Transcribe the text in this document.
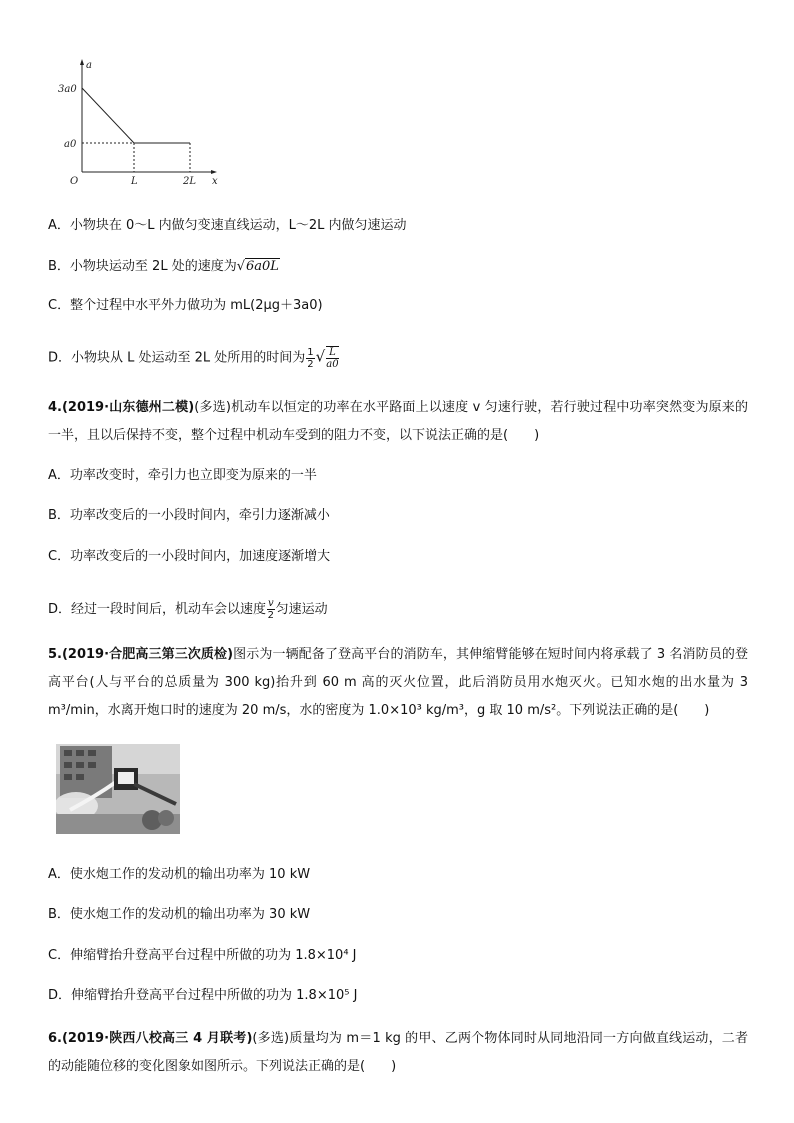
a
x
O
3a0
a0
L	2L
A．小物块在 0～L 内做匀变速直线运动，L～2L 内做匀速运动
B．小物块运动至 2L 处的速度为√6a0L
C．整个过程中水平外力做功为 mL(2μg＋3a0)
D．小物块从 L 处运动至 2L 处所用的时间为 $\frac{1}{2}$ √ $\frac{L}{a0}$
4.(2019·山东德州二模)(多选)机动车以恒定的功率在水平路面上以速度 v 匀速行驶，若行驶过程中功率突然变为原来的一半，且以后保持不变，整个过程中机动车受到的阻力不变，以下说法正确的是(　　)
A．功率改变时，牵引力也立即变为原来的一半
B．功率改变后的一小段时间内，牵引力逐渐减小
C．功率改变后的一小段时间内，加速度逐渐增大
D．经过一段时间后，机动车会以速度 $\frac{v}{2}$ 匀速运动
5.(2019·合肥高三第三次质检)图示为一辆配备了登高平台的消防车，其伸缩臂能够在短时间内将承载了 3 名消防员的登高平台(人与平台的总质量为 300 kg)抬升到 60 m 高的灭火位置，此后消防员用水炮灭火。已知水炮的出水量为 3 m³/min，水离开炮口时的速度为 20 m/s，水的密度为 1.0×10³ kg/m³，g 取 10 m/s²。下列说法正确的是(　　)
A．使水炮工作的发动机的输出功率为 10 kW
B．使水炮工作的发动机的输出功率为 30 kW
C．伸缩臂抬升登高平台过程中所做的功为 1.8×10⁴ J
D．伸缩臂抬升登高平台过程中所做的功为 1.8×10⁵ J
6.(2019·陕西八校高三 4 月联考)(多选)质量均为 m＝1 kg 的甲、乙两个物体同时从同地沿同一方向做直线运动，二者的动能随位移的变化图象如图所示。下列说法正确的是(　　)
